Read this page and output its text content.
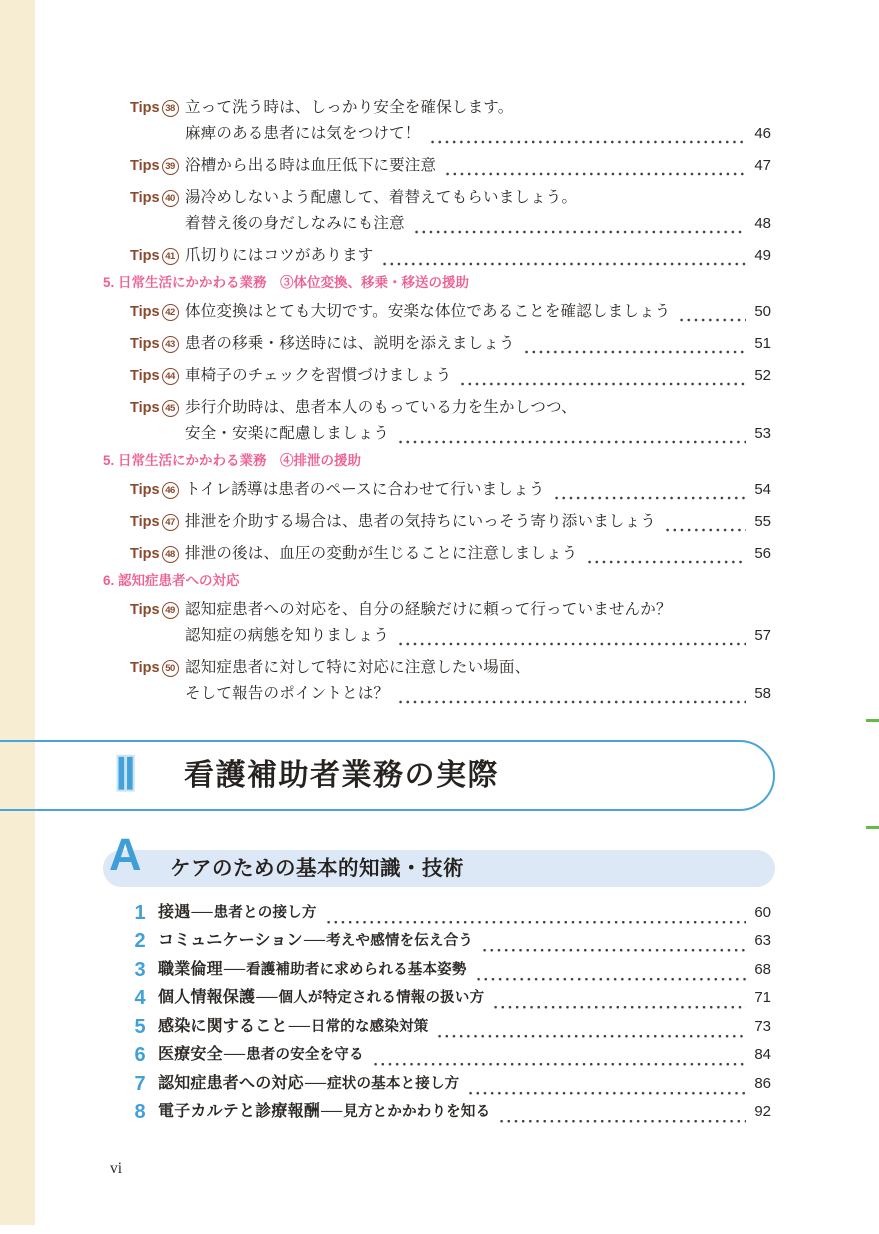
Tips 38 立って洗う時は、しっかり安全を確保します。
麻痺のある患者には気をつけて！	46
Tips 39 浴槽から出る時は血圧低下に要注意	47
Tips 40 湯冷めしないよう配慮して、着替えてもらいましょう。
着替え後の身だしなみにも注意	48
Tips 41 爪切りにはコツがあります	49
5. 日常生活にかかわる業務　③体位変換、移乗・移送の援助
Tips 42 体位変換はとても大切です。安楽な体位であることを確認しましょう	50
Tips 43 患者の移乗・移送時には、説明を添えましょう	51
Tips 44 車椅子のチェックを習慣づけましょう	52
Tips 45 歩行介助時は、患者本人のもっている力を生かしつつ、
安全・安楽に配慮しましょう	53
5. 日常生活にかかわる業務　④排泄の援助
Tips 46 トイレ誘導は患者のペースに合わせて行いましょう	54
Tips 47 排泄を介助する場合は、患者の気持ちにいっそう寄り添いましょう	55
Tips 48 排泄の後は、血圧の変動が生じることに注意しましょう	56
6. 認知症患者への対応
Tips 49 認知症患者への対応を、自分の経験だけに頼って行っていませんか？
認知症の病態を知りましょう	57
Tips 50 認知症患者に対して特に対応に注意したい場面、
そして報告のポイントとは？	58
Ⅱ 看護補助者業務の実際
A ケアのための基本的知識・技術
1 接遇──患者との接し方	60
2 コミュニケーション──考えや感情を伝え合う	63
3 職業倫理──看護補助者に求められる基本姿勢	68
4 個人情報保護──個人が特定される情報の扱い方	71
5 感染に関すること──日常的な感染対策	73
6 医療安全──患者の安全を守る	84
7 認知症患者への対応──症状の基本と接し方	86
8 電子カルテと診療報酬──見方とかかわりを知る	92
vi
